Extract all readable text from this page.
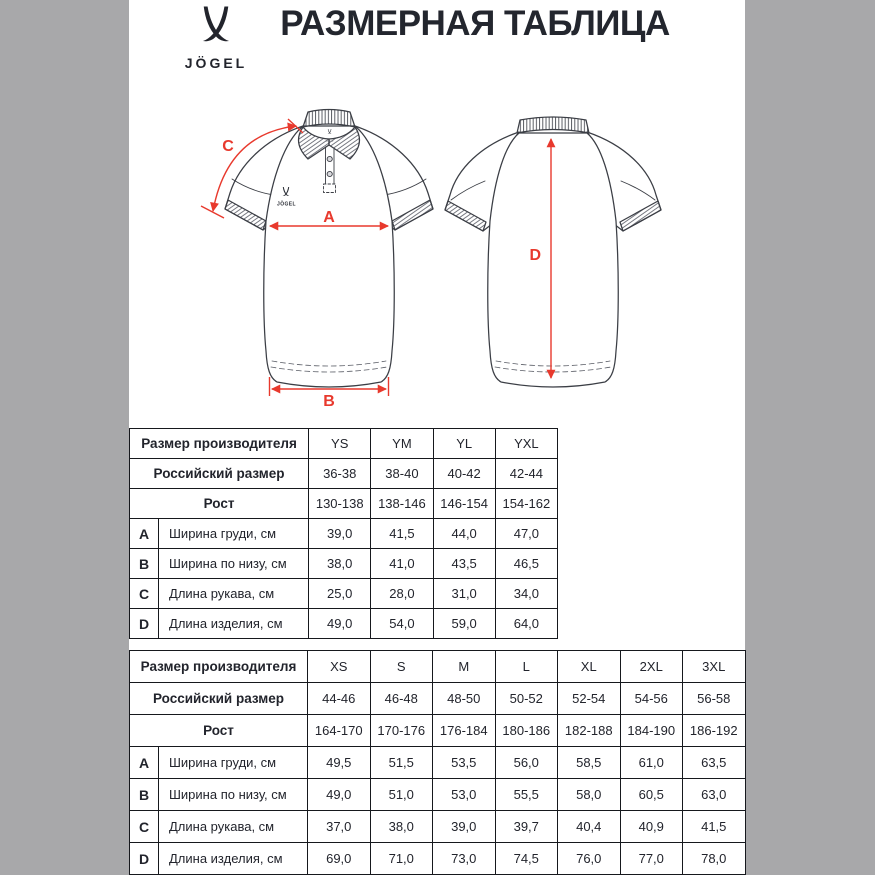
JÖGEL
РАЗМЕРНАЯ ТАБЛИЦА
JÖGEL
C
A
B
D
Размер производителя		YS	YM	YL	YXL
Российский размер		36-38	38-40	40-42	42-44
Рост		130-138	138-146	146-154	154-162
A	Ширина груди, см	39,0	41,5	44,0	47,0
B	Ширина по низу, см	38,0	41,0	43,5	46,5
C	Длина рукава, см	25,0	28,0	31,0	34,0
D	Длина изделия, см	49,0	54,0	59,0	64,0
Размер производителя		XS	S	M	L	XL	2XL	3XL
Российский размер		44-46	46-48	48-50	50-52	52-54	54-56	56-58
Рост		164-170	170-176	176-184	180-186	182-188	184-190	186-192
A	Ширина груди, см	49,5	51,5	53,5	56,0	58,5	61,0	63,5
B	Ширина по низу, см	49,0	51,0	53,0	55,5	58,0	60,5	63,0
C	Длина рукава, см	37,0	38,0	39,0	39,7	40,4	40,9	41,5
D	Длина изделия, см	69,0	71,0	73,0	74,5	76,0	77,0	78,0
